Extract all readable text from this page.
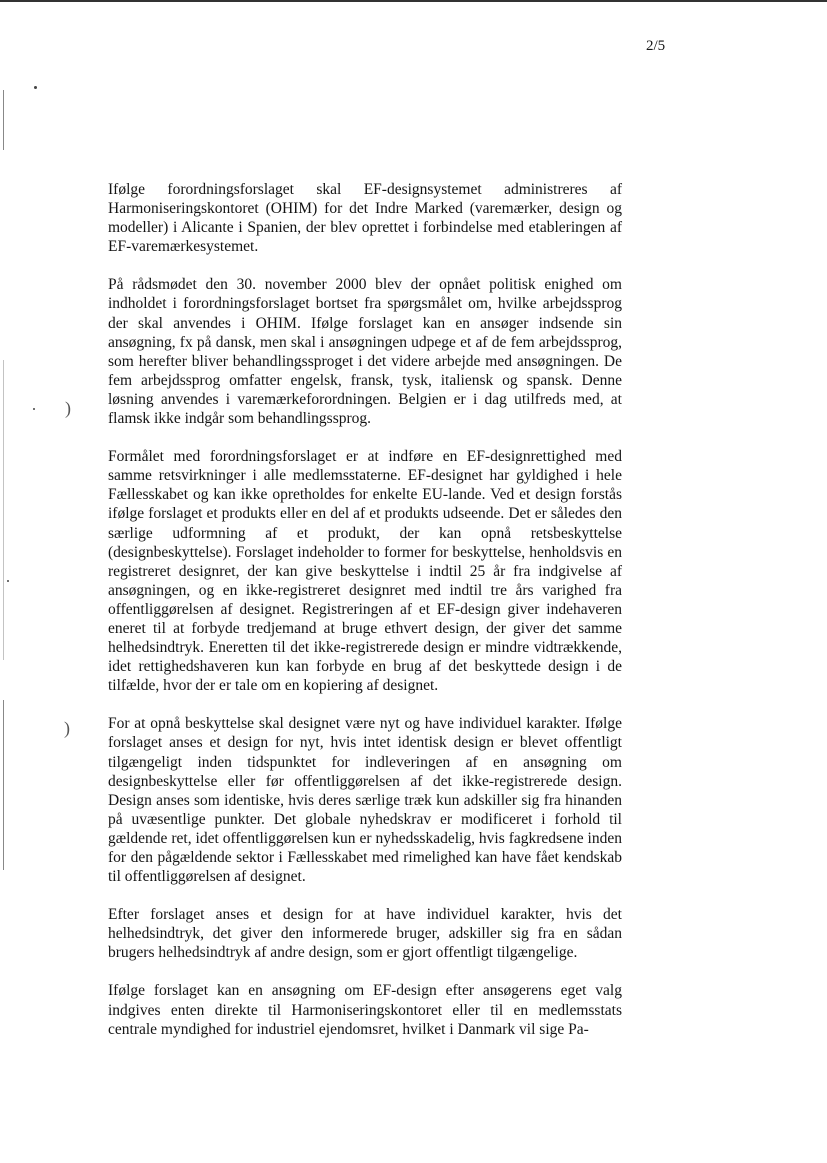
)
)
2/5

Ifølge forordningsforslaget skal EF-designsystemet administreres af Harmoniseringskontoret (OHIM) for det Indre Marked (varemærker, design og modeller) i Alicante i Spanien, der blev oprettet i forbindelse med etableringen af EF-varemærkesystemet.

På rådsmødet den 30. november 2000 blev der opnået politisk enighed om indholdet i forordningsforslaget bortset fra spørgsmålet om, hvilke arbejdssprog der skal anvendes i OHIM. Ifølge forslaget kan en ansøger indsende sin ansøgning, fx på dansk, men skal i ansøgningen udpege et af de fem arbejdssprog, som herefter bliver behandlingssproget i det videre arbejde med ansøgningen. De fem arbejdssprog omfatter engelsk, fransk, tysk, italiensk og spansk. Denne løsning anvendes i varemærkeforordningen. Belgien er i dag utilfreds med, at flamsk ikke indgår som behandlingssprog.

Formålet med forordningsforslaget er at indføre en EF-designrettighed med samme retsvirkninger i alle medlemsstaterne. EF-designet har gyldighed i hele Fællesskabet og kan ikke opretholdes for enkelte EU-lande. Ved et design forstås ifølge forslaget et produkts eller en del af et produkts udseende. Det er således den særlige udformning af et produkt, der kan opnå retsbeskyttelse (designbeskyttelse). Forslaget indeholder to former for beskyttelse, henholdsvis en registreret designret, der kan give beskyttelse i indtil 25 år fra indgivelse af ansøgningen, og en ikke-registreret designret med indtil tre års varighed fra offentliggørelsen af designet. Registreringen af et EF-design giver indehaveren eneret til at forbyde tredjemand at bruge ethvert design, der giver det samme helhedsindtryk. Eneretten til det ikke-registrerede design er mindre vidtrækkende, idet rettighedshaveren kun kan forbyde en brug af det beskyttede design i de tilfælde, hvor der er tale om en kopiering af designet.

For at opnå beskyttelse skal designet være nyt og have individuel karakter. Ifølge forslaget anses et design for nyt, hvis intet identisk design er blevet offentligt tilgængeligt inden tidspunktet for indleveringen af en ansøgning om designbeskyttelse eller før offentliggørelsen af det ikke-registrerede design. Design anses som identiske, hvis deres særlige træk kun adskiller sig fra hinanden på uvæsentlige punkter. Det globale nyhedskrav er modificeret i forhold til gældende ret, idet offentliggørelsen kun er nyhedsskadelig, hvis fagkredsene inden for den pågældende sektor i Fællesskabet med rimelighed kan have fået kendskab til offentliggørelsen af designet.

Efter forslaget anses et design for at have individuel karakter, hvis det helhedsindtryk, det giver den informerede bruger, adskiller sig fra en sådan brugers helhedsindtryk af andre design, som er gjort offentligt tilgængelige.

Ifølge forslaget kan en ansøgning om EF-design efter ansøgerens eget valg indgives enten direkte til Harmoniseringskontoret eller til en medlemsstats centrale myndighed for industriel ejendomsret, hvilket i Danmark vil sige Pa-
